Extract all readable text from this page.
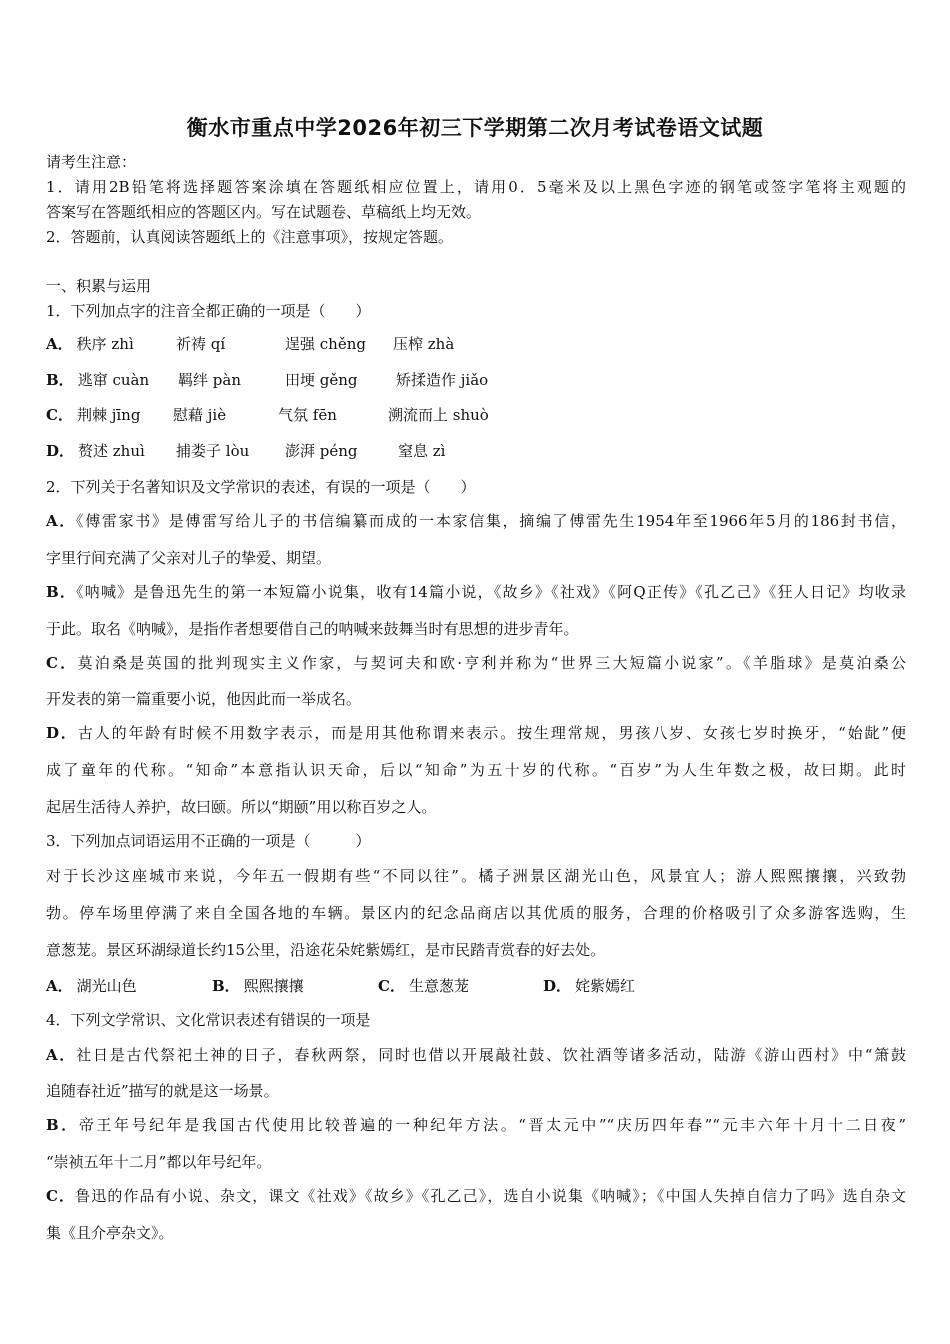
衡水市重点中学2026年初三下学期第二次月考试卷语文试题
请考生注意：
1．请用2B铅笔将选择题答案涂填在答题纸相应位置上，请用0．5毫米及以上黑色字迹的钢笔或签字笔将主观题的
答案写在答题纸相应的答题区内。写在试题卷、草稿纸上均无效。
2．答题前，认真阅读答题纸上的《注意事项》，按规定答题。
一、积累与运用
1．下列加点字的注音全都正确的一项是（　　）
A． 秩序 zhì	祈祷 qí	逞强 chěng 压榨 zhà
B． 逃窜 cuàn 羁绊 pàn	田埂 gěng	矫揉造作 jiǎo
C． 荆棘 jīng 慰藉 jiè	气氛 fēn	溯流而上 shuò
D． 赘述 zhuì 捕娄子 lòu 澎湃 péng	窒息 zì
2．下列关于名著知识及文学常识的表述，有误的一项是（　　）
A．《傅雷家书》是傅雷写给儿子的书信编纂而成的一本家信集，摘编了傅雷先生1954年至1966年5月的186封书信，
字里行间充满了父亲对儿子的挚爱、期望。
B．《呐喊》是鲁迅先生的第一本短篇小说集，收有14篇小说，《故乡》《社戏》《阿Q正传》《孔乙己》《狂人日记》均收录
于此。取名《呐喊》，是指作者想要借自己的呐喊来鼓舞当时有思想的进步青年。
C．莫泊桑是英国的批判现实主义作家，与契诃夫和欧·亨利并称为“世界三大短篇小说家”。《羊脂球》是莫泊桑公
开发表的第一篇重要小说，他因此而一举成名。
D．古人的年龄有时候不用数字表示，而是用其他称谓来表示。按生理常规，男孩八岁、女孩七岁时换牙，“始龀”便
成了童年的代称。“知命”本意指认识天命，后以“知命”为五十岁的代称。“百岁”为人生年数之极，故曰期。此时
起居生活待人养护，故曰颐。所以“期颐”用以称百岁之人。
3．下列加点词语运用不正确的一项是（　　　）
对于长沙这座城市来说，今年五一假期有些“不同以往”。橘子洲景区湖光山色，风景宜人；游人熙熙攘攘，兴致勃
勃。停车场里停满了来自全国各地的车辆。景区内的纪念品商店以其优质的服务，合理的价格吸引了众多游客选购，生
意葱茏。景区环湖绿道长约15公里，沿途花朵姹紫嫣红，是市民踏青赏春的好去处。
A． 湖光山色	B． 熙熙攘攘	C． 生意葱茏	D． 姹紫嫣红
4．下列文学常识、文化常识表述有错误的一项是
A．社日是古代祭祀土神的日子，春秋两祭，同时也借以开展敲社鼓、饮社酒等诸多活动，陆游《游山西村》中“箫鼓
追随春社近”描写的就是这一场景。
B．帝王年号纪年是我国古代使用比较普遍的一种纪年方法。“晋太元中”“庆历四年春”“元丰六年十月十二日夜”
“崇祯五年十二月”都以年号纪年。
C．鲁迅的作品有小说、杂文，课文《社戏》《故乡》《孔乙己》，选自小说集《呐喊》；《中国人失掉自信力了吗》选自杂文
集《且介亭杂文》。
